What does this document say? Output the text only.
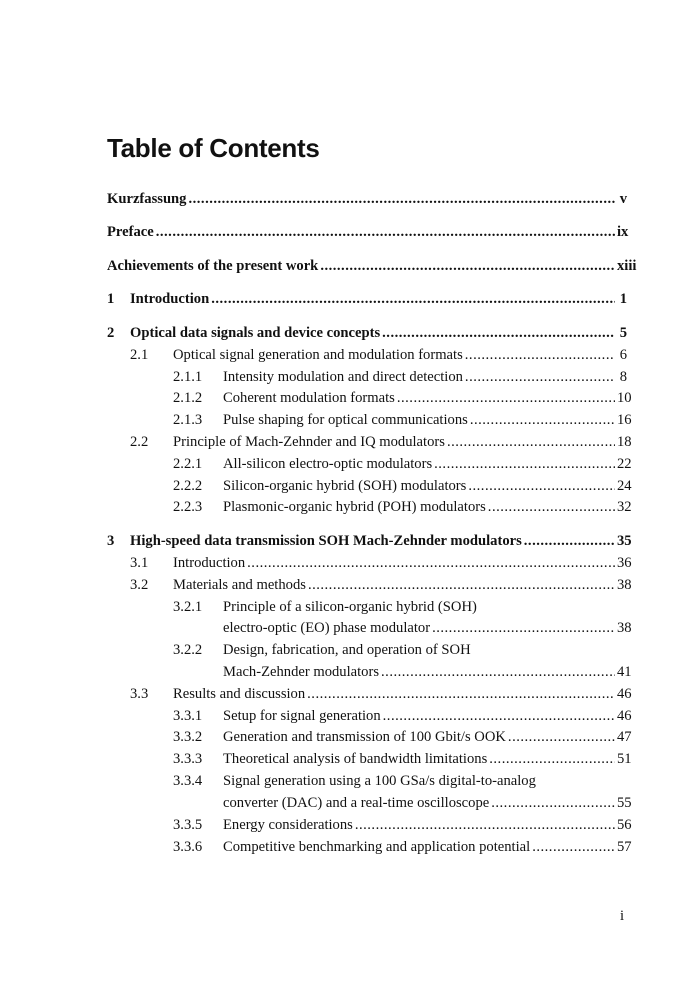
Table of Contents
Kurzfassung .....	v
Preface .....	ix
Achievements of the present work .....	xiii
1 Introduction .....	1
2 Optical data signals and device concepts .....	5
2.1 Optical signal generation and modulation formats .....	6
2.1.1 Intensity modulation and direct detection .....	8
2.1.2 Coherent modulation formats .....	10
2.1.3 Pulse shaping for optical communications .....	16
2.2 Principle of Mach-Zehnder and IQ modulators .....	18
2.2.1 All-silicon electro-optic modulators .....	22
2.2.2 Silicon-organic hybrid (SOH) modulators .....	24
2.2.3 Plasmonic-organic hybrid (POH) modulators .....	32
3 High-speed data transmission SOH Mach-Zehnder modulators .....	35
3.1 Introduction .....	36
3.2 Materials and methods .....	38
3.2.1 Principle of a silicon-organic hybrid (SOH)
electro-optic (EO) phase modulator .....	38
3.2.2 Design, fabrication, and operation of SOH
Mach-Zehnder modulators .....	41
3.3 Results and discussion .....	46
3.3.1 Setup for signal generation .....	46
3.3.2 Generation and transmission of 100 Gbit/s OOK .....	47
3.3.3 Theoretical analysis of bandwidth limitations .....	51
3.3.4 Signal generation using a 100 GSa/s digital-to-analog
converter (DAC) and a real-time oscilloscope .....	55
3.3.5 Energy considerations .....	56
3.3.6 Competitive benchmarking and application potential .....	57
i
